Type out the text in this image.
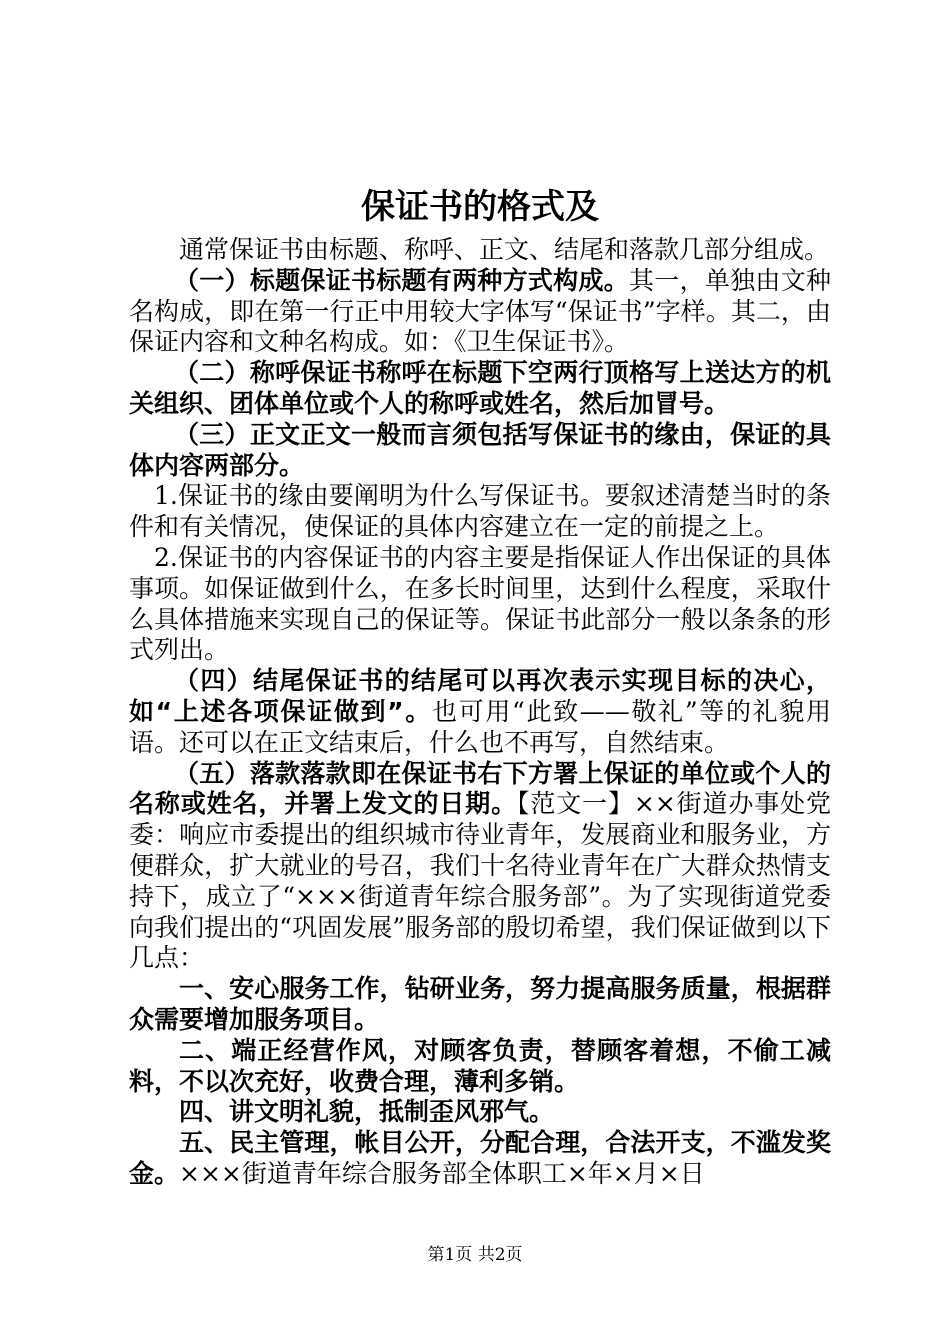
保证书的格式及

通常保证书由标题、称呼、正文、结尾和落款几部分组成。

（一）标题保证书标题有两种方式构成。其一，单独由文种名构成，即在第一行正中用较大字体写“保证书”字样。其二，由保证内容和文种名构成。如：《卫生保证书》。

（二）称呼保证书称呼在标题下空两行顶格写上送达方的机关组织、团体单位或个人的称呼或姓名，然后加冒号。

（三）正文正文一般而言须包括写保证书的缘由，保证的具体内容两部分。

1.保证书的缘由要阐明为什么写保证书。要叙述清楚当时的条件和有关情况，使保证的具体内容建立在一定的前提之上。

2.保证书的内容保证书的内容主要是指保证人作出保证的具体事项。如保证做到什么，在多长时间里，达到什么程度，采取什么具体措施来实现自己的保证等。保证书此部分一般以条条的形式列出。

（四）结尾保证书的结尾可以再次表示实现目标的决心，如“上述各项保证做到”。也可用“此致——敬礼”等的礼貌用语。还可以在正文结束后，什么也不再写，自然结束。

（五）落款落款即在保证书右下方署上保证的单位或个人的名称或姓名，并署上发文的日期。【范文一】××街道办事处党委：响应市委提出的组织城市待业青年，发展商业和服务业，方便群众，扩大就业的号召，我们十名待业青年在广大群众热情支持下，成立了“×××街道青年综合服务部”。为了实现街道党委向我们提出的“巩固发展”服务部的殷切希望，我们保证做到以下几点：

一、安心服务工作，钻研业务，努力提高服务质量，根据群众需要增加服务项目。

二、端正经营作风，对顾客负责，替顾客着想，不偷工减料，不以次充好，收费合理，薄利多销。

四、讲文明礼貌，抵制歪风邪气。

五、民主管理，帐目公开，分配合理，合法开支，不滥发奖金。×××街道青年综合服务部全体职工×年×月×日

第1页 共2页
